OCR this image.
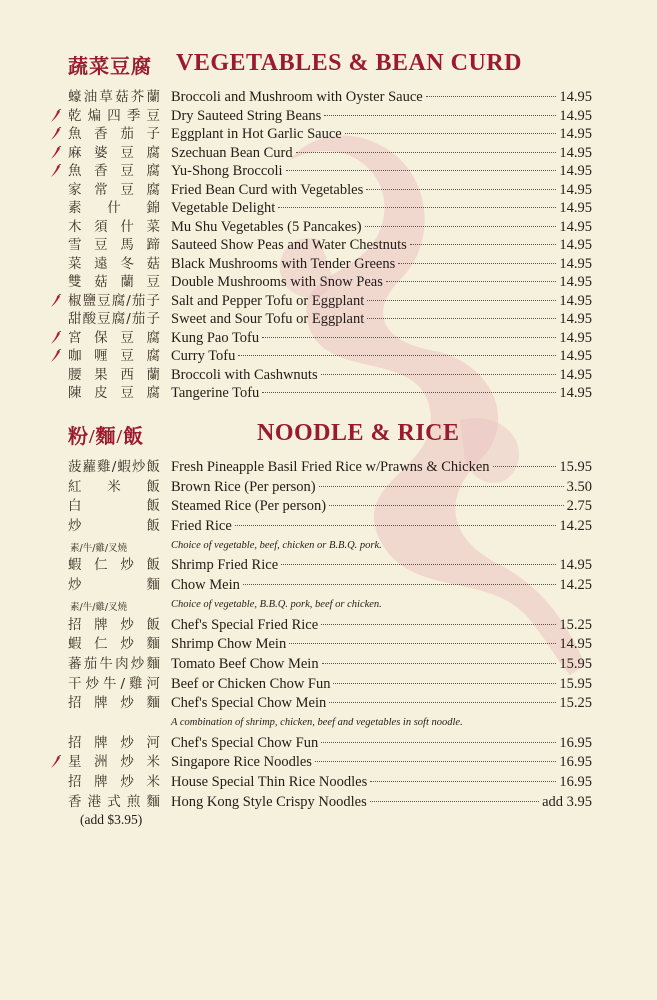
蔬菜豆腐 VEGETABLES & BEAN CURD
蠔油草菇芥蘭 Broccoli and Mushroom with Oyster Sauce	14.95
乾煸四季豆 Dry Sauteed String Beans	14.95
魚香茄子 Eggplant in Hot Garlic Sauce	14.95
麻婆豆腐 Szechuan Bean Curd	14.95
魚香豆腐 Yu-Shong Broccoli	14.95
家常豆腐 Fried Bean Curd with Vegetables	14.95
素什錦 Vegetable Delight	14.95
木須什菜 Mu Shu Vegetables (5 Pancakes)	14.95
雪豆馬蹄 Sauteed Show Peas and Water Chestnuts	14.95
菜遠冬菇 Black Mushrooms with Tender Greens	14.95
雙菇蘭豆 Double Mushrooms with Snow Peas	14.95
椒鹽豆腐/茄子 Salt and Pepper Tofu or Eggplant	14.95
甜酸豆腐/茄子 Sweet and Sour Tofu or Eggplant	14.95
宮保豆腐 Kung Pao Tofu	14.95
咖喱豆腐 Curry Tofu	14.95
腰果西蘭 Broccoli with Cashwnuts	14.95
陳皮豆腐 Tangerine Tofu	14.95
粉/麵/飯	NOODLE & RICE
菠蘿雞/蝦炒飯 Fresh Pineapple Basil Fried Rice w/Prawns & Chicken	15.95
紅米飯 Brown Rice (Per person)	3.50
白飯 Steamed Rice (Per person)	2.75
炒飯 Fried Rice	14.25
素/牛/雞/叉燒	Choice of vegetable, beef, chicken or B.B.Q. pork.
蝦仁炒飯 Shrimp Fried Rice	14.95
炒麵 Chow Mein	14.25
素/牛/雞/叉燒	Choice of vegetable, B.B.Q. pork, beef or chicken.
招牌炒飯 Chef's Special Fried Rice	15.25
蝦仁炒麵 Shrimp Chow Mein	14.95
蕃茄牛肉炒麵 Tomato Beef Chow Mein	15.95
干炒牛/雞河 Beef or Chicken Chow Fun	15.95
招牌炒麵 Chef's Special Chow Mein	15.25
A combination of shrimp, chicken, beef and vegetables in soft noodle.
招牌炒河 Chef's Special Chow Fun	16.95
星洲炒米 Singapore Rice Noodles	16.95
招牌炒米 House Special Thin Rice Noodles	16.95
香港式煎麵 Hong Kong Style Crispy Noodles	add 3.95
(add $3.95)
